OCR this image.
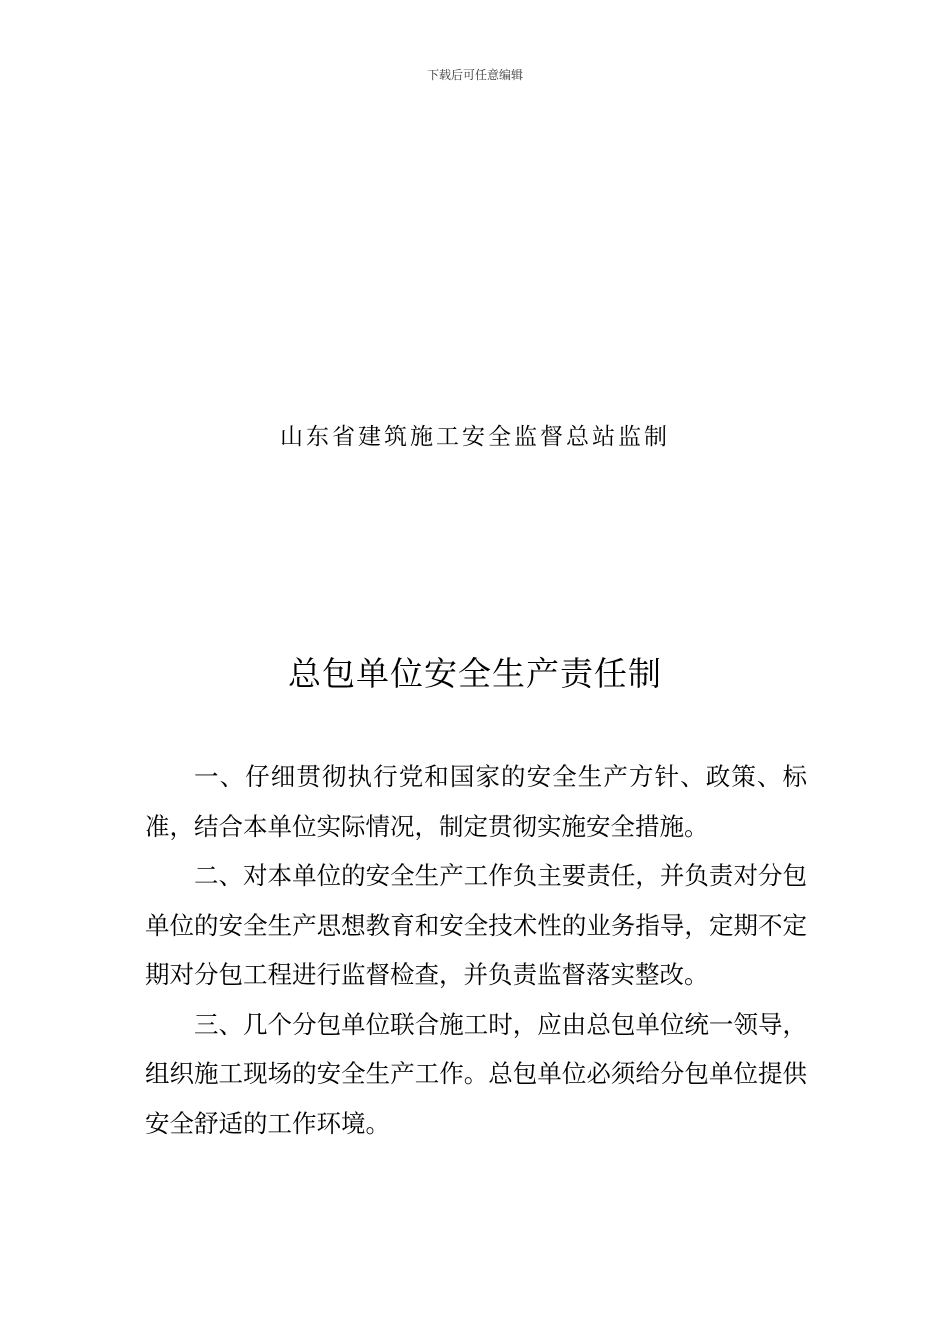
下载后可任意编辑
山东省建筑施工安全监督总站监制
总包单位安全生产责任制

一、仔细贯彻执行党和国家的安全生产方针、政策、标准，结合本单位实际情况，制定贯彻实施安全措施。

二、对本单位的安全生产工作负主要责任，并负责对分包单位的安全生产思想教育和安全技术性的业务指导，定期不定期对分包工程进行监督检查，并负责监督落实整改。

三、几个分包单位联合施工时，应由总包单位统一领导，组织施工现场的安全生产工作。总包单位必须给分包单位提供安全舒适的工作环境。
